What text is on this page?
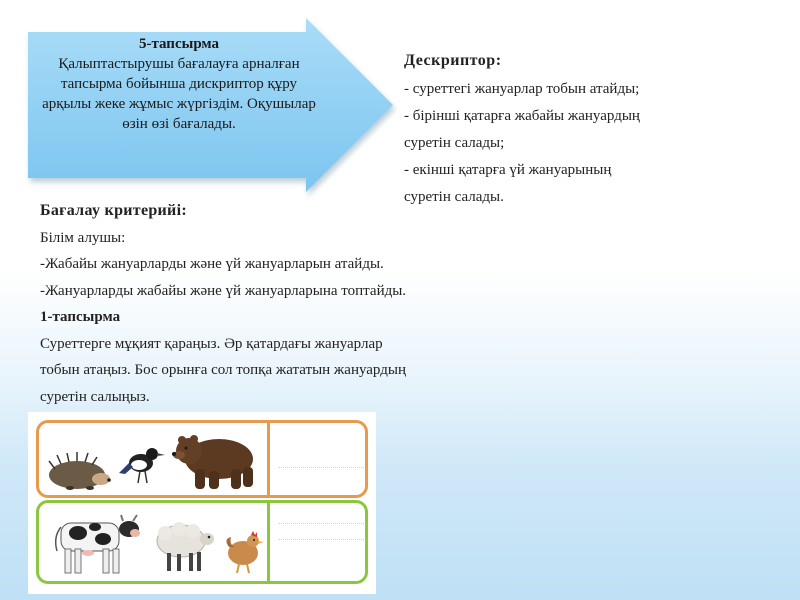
5-тапсырма
Қалыптастырушы бағалауға арналған тапсырма бойынша дискриптор құру арқылы жеке жұмыс жүргіздім. Оқушылар өзін өзі бағалады.
Дескриптор:
- суреттегі жануарлар тобын атайды;
- бірінші қатарға жабайы жануардың
суретін салады;
- екінші қатарға үй жануарының
суретін салады.
Бағалау критерийі:
Білім алушы:
-Жабайы жануарларды және үй жануарларын атайды.
-Жануарларды жабайы және үй жануарларына топтайды.
1-тапсырма
Суреттерге мұқият қараңыз. Әр қатардағы жануарлар
тобын атаңыз. Бос орынға сол топқа жататын жануардың
суретін салыңыз.
